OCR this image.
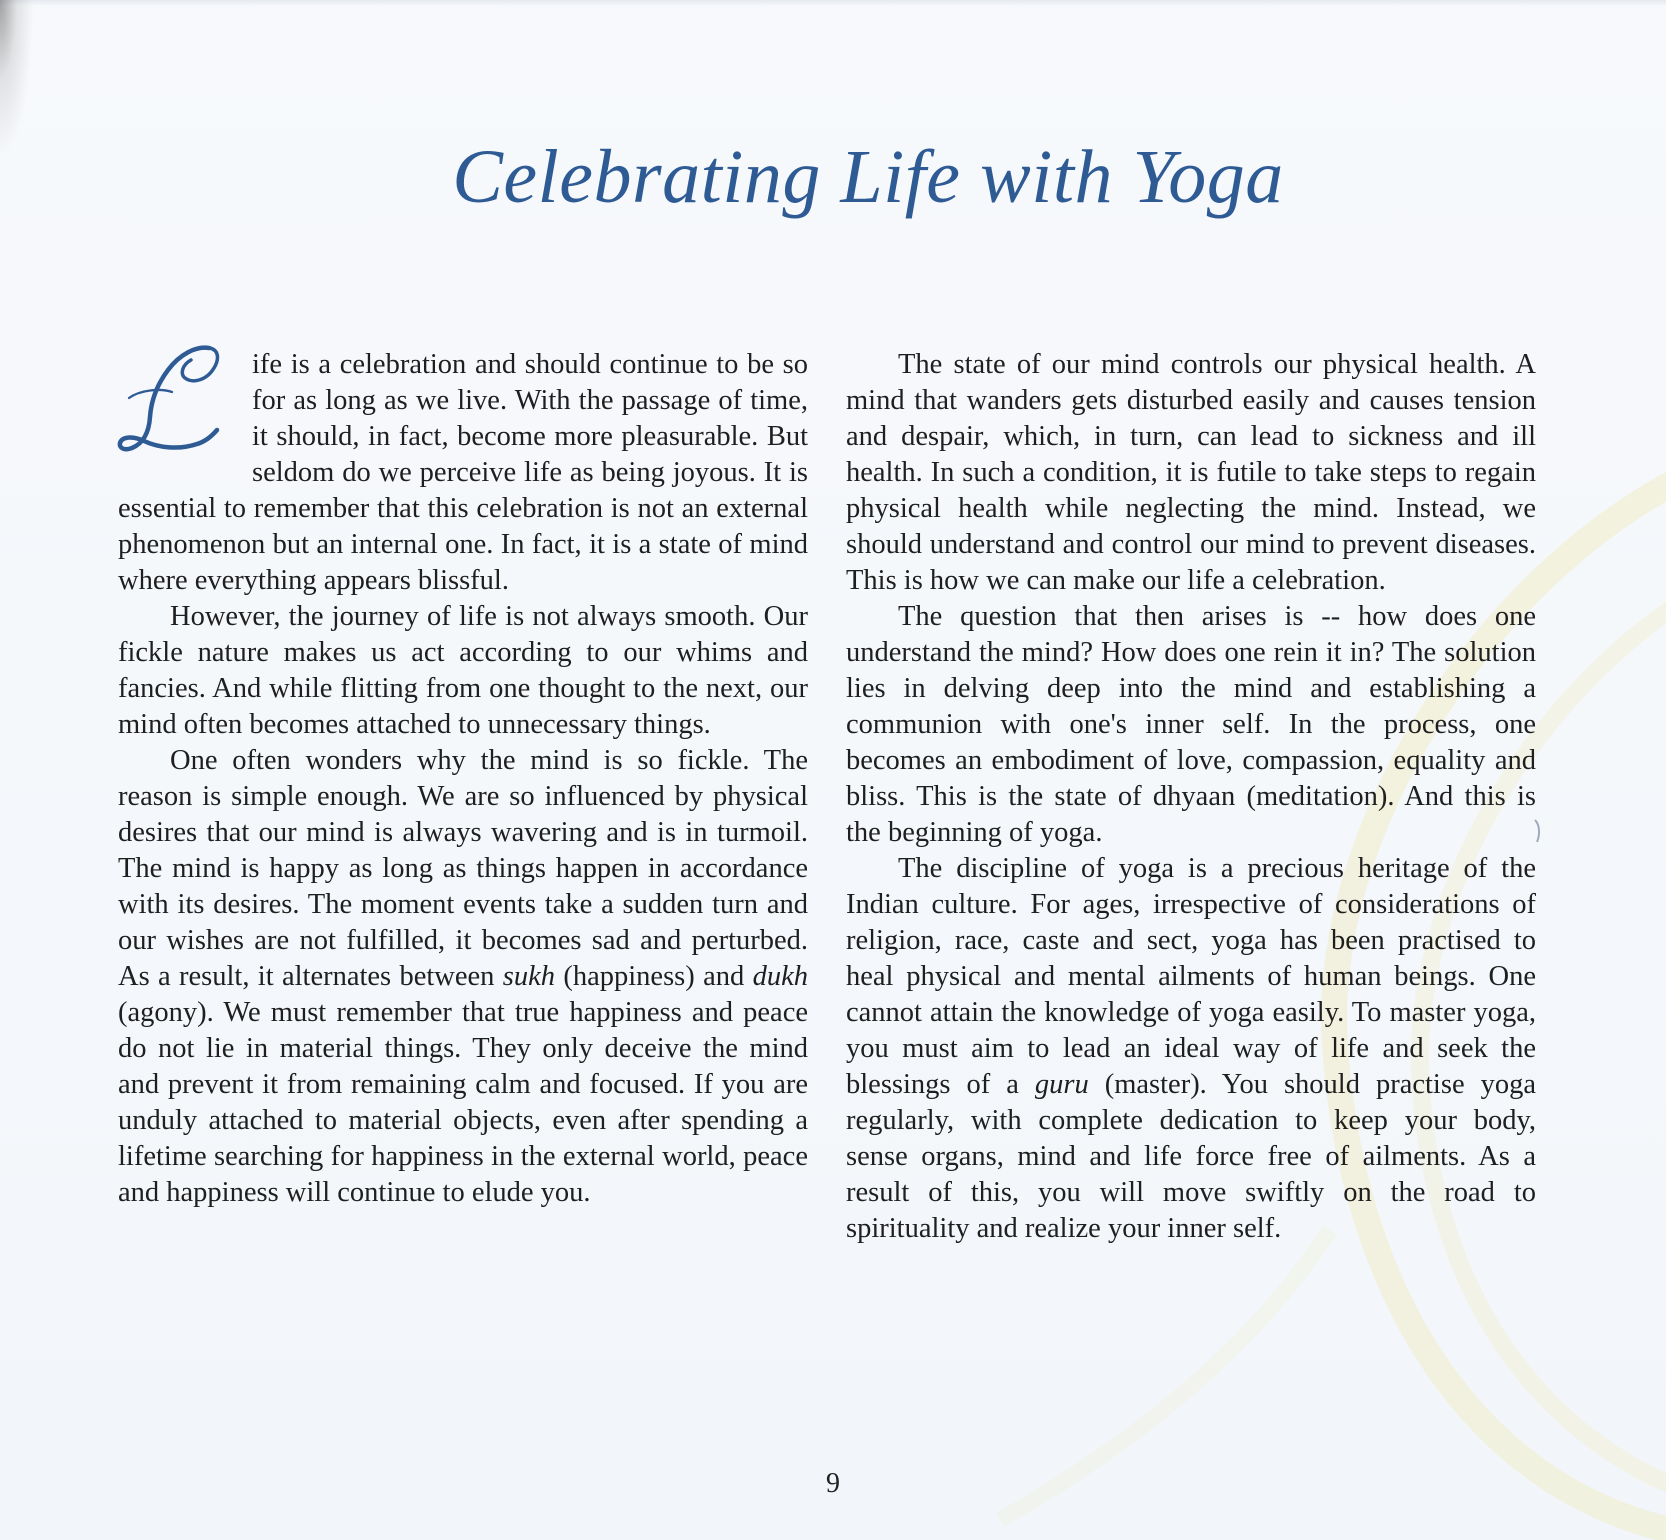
Celebrating Life with Yoga

ife is a celebration and should continue to be so for as long as we live. With the passage of time, it should, in fact, become more pleasurable. But seldom do we perceive life as being joyous. It is essential to remember that this celebration is not an external phenomenon but an internal one. In fact, it is a state of mind where everything appears blissful.

However, the journey of life is not always smooth. Our fickle nature makes us act according to our whims and fancies. And while flitting from one thought to the next, our mind often becomes attached to unnecessary things.

One often wonders why the mind is so fickle. The reason is simple enough. We are so influenced by physical desires that our mind is always wavering and is in turmoil. The mind is happy as long as things happen in accordance with its desires. The moment events take a sudden turn and our wishes are not fulfilled, it becomes sad and perturbed. As a result, it alternates between sukh (happiness) and dukh (agony). We must remember that true happiness and peace do not lie in material things. They only deceive the mind and prevent it from remaining calm and focused. If you are unduly attached to material objects, even after spending a lifetime searching for happiness in the external world, peace and happiness will continue to elude you.

The state of our mind controls our physical health. A mind that wanders gets disturbed easily and causes tension and despair, which, in turn, can lead to sickness and ill health. In such a condition, it is futile to take steps to regain physical health while neglecting the mind. Instead, we should understand and control our mind to prevent diseases. This is how we can make our life a celebration.

The question that then arises is -- how does one understand the mind? How does one rein it in? The solution lies in delving deep into the mind and establishing a communion with one's inner self. In the process, one becomes an embodiment of love, compassion, equality and bliss. This is the state of dhyaan (meditation). And this is the beginning of yoga.

The discipline of yoga is a precious heritage of the Indian culture. For ages, irrespective of considerations of religion, race, caste and sect, yoga has been practised to heal physical and mental ailments of human beings. One cannot attain the knowledge of yoga easily. To master yoga, you must aim to lead an ideal way of life and seek the blessings of a guru (master). You should practise yoga regularly, with complete dedication to keep your body, sense organs, mind and life force free of ailments. As a result of this, you will move swiftly on the road to spirituality and realize your inner self.

9
